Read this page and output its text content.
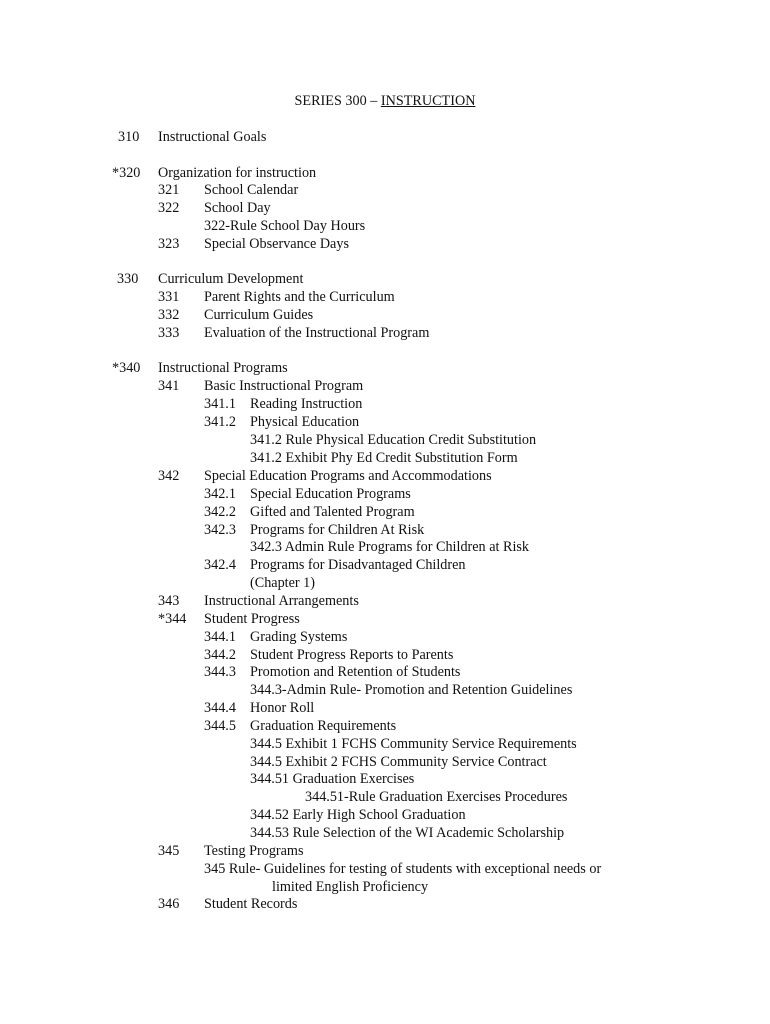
SERIES 300 – INSTRUCTION
310 Instructional Goals
*320 Organization for instruction
321 School Calendar
322 School Day
322-Rule School Day Hours
323 Special Observance Days
330 Curriculum Development
331 Parent Rights and the Curriculum
332 Curriculum Guides
333 Evaluation of the Instructional Program
*340 Instructional Programs
341 Basic Instructional Program
341.1 Reading Instruction
341.2 Physical Education
341.2 Rule Physical Education Credit Substitution
341.2 Exhibit Phy Ed Credit Substitution Form
342 Special Education Programs and Accommodations
342.1 Special Education Programs
342.2 Gifted and Talented Program
342.3 Programs for Children At Risk
342.3 Admin Rule Programs for Children at Risk
342.4 Programs for Disadvantaged Children
(Chapter 1)
343 Instructional Arrangements
*344 Student Progress
344.1 Grading Systems
344.2 Student Progress Reports to Parents
344.3 Promotion and Retention of Students
344.3-Admin Rule- Promotion and Retention Guidelines
344.4 Honor Roll
344.5 Graduation Requirements
344.5 Exhibit 1 FCHS Community Service Requirements
344.5 Exhibit 2 FCHS Community Service Contract
344.51 Graduation Exercises
344.51-Rule Graduation Exercises Procedures
344.52 Early High School Graduation
344.53 Rule Selection of the WI Academic Scholarship
345 Testing Programs
345 Rule- Guidelines for testing of students with exceptional needs or
limited English Proficiency
346 Student Records
